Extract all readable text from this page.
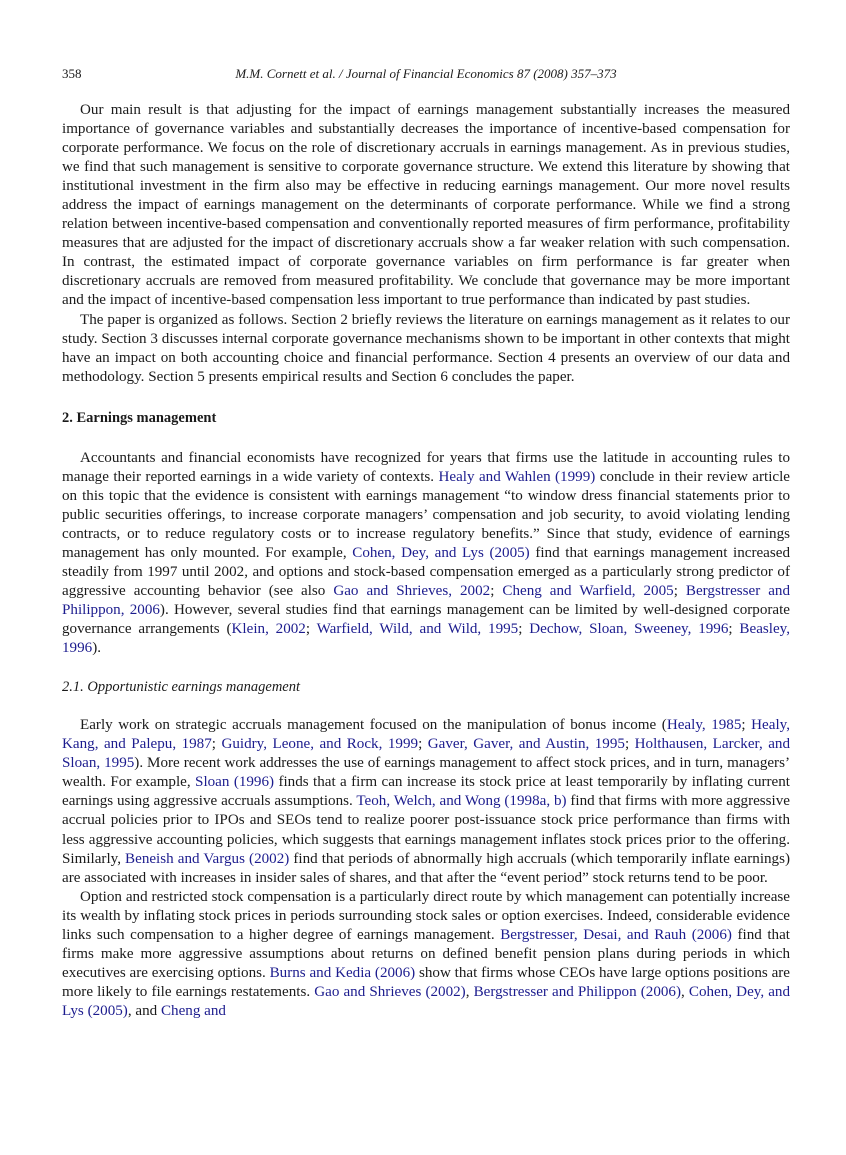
358	M.M. Cornett et al. / Journal of Financial Economics 87 (2008) 357–373

Our main result is that adjusting for the impact of earnings management substantially increases the measured importance of governance variables and substantially decreases the importance of incentive-based compensation for corporate performance. We focus on the role of discretionary accruals in earnings management. As in previous studies, we find that such management is sensitive to corporate governance structure. We extend this literature by showing that institutional investment in the firm also may be effective in reducing earnings management. Our more novel results address the impact of earnings management on the determinants of corporate performance. While we find a strong relation between incentive-based compensation and conventionally reported measures of firm performance, profitability measures that are adjusted for the impact of discretionary accruals show a far weaker relation with such compensation. In contrast, the estimated impact of corporate governance variables on firm performance is far greater when discretionary accruals are removed from measured profitability. We conclude that governance may be more important and the impact of incentive-based compensation less important to true performance than indicated by past studies.

The paper is organized as follows. Section 2 briefly reviews the literature on earnings management as it relates to our study. Section 3 discusses internal corporate governance mechanisms shown to be important in other contexts that might have an impact on both accounting choice and financial performance. Section 4 presents an overview of our data and methodology. Section 5 presents empirical results and Section 6 concludes the paper.

2. Earnings management

Accountants and financial economists have recognized for years that firms use the latitude in accounting rules to manage their reported earnings in a wide variety of contexts. Healy and Wahlen (1999) conclude in their review article on this topic that the evidence is consistent with earnings management “to window dress financial statements prior to public securities offerings, to increase corporate managers’ compensation and job security, to avoid violating lending contracts, or to reduce regulatory costs or to increase regulatory benefits.” Since that study, evidence of earnings management has only mounted. For example, Cohen, Dey, and Lys (2005) find that earnings management increased steadily from 1997 until 2002, and options and stock-based compensation emerged as a particularly strong predictor of aggressive accounting behavior (see also Gao and Shrieves, 2002; Cheng and Warfield, 2005; Bergstresser and Philippon, 2006). However, several studies find that earnings management can be limited by well-designed corporate governance arrangements (Klein, 2002; Warfield, Wild, and Wild, 1995; Dechow, Sloan, Sweeney, 1996; Beasley, 1996).

2.1. Opportunistic earnings management

Early work on strategic accruals management focused on the manipulation of bonus income (Healy, 1985; Healy, Kang, and Palepu, 1987; Guidry, Leone, and Rock, 1999; Gaver, Gaver, and Austin, 1995; Holthausen, Larcker, and Sloan, 1995). More recent work addresses the use of earnings management to affect stock prices, and in turn, managers’ wealth. For example, Sloan (1996) finds that a firm can increase its stock price at least temporarily by inflating current earnings using aggressive accruals assumptions. Teoh, Welch, and Wong (1998a, b) find that firms with more aggressive accrual policies prior to IPOs and SEOs tend to realize poorer post-issuance stock price performance than firms with less aggressive accounting policies, which suggests that earnings management inflates stock prices prior to the offering. Similarly, Beneish and Vargus (2002) find that periods of abnormally high accruals (which temporarily inflate earnings) are associated with increases in insider sales of shares, and that after the “event period” stock returns tend to be poor.

Option and restricted stock compensation is a particularly direct route by which management can potentially increase its wealth by inflating stock prices in periods surrounding stock sales or option exercises. Indeed, considerable evidence links such compensation to a higher degree of earnings management. Bergstresser, Desai, and Rauh (2006) find that firms make more aggressive assumptions about returns on defined benefit pension plans during periods in which executives are exercising options. Burns and Kedia (2006) show that firms whose CEOs have large options positions are more likely to file earnings restatements. Gao and Shrieves (2002), Bergstresser and Philippon (2006), Cohen, Dey, and Lys (2005), and Cheng and
